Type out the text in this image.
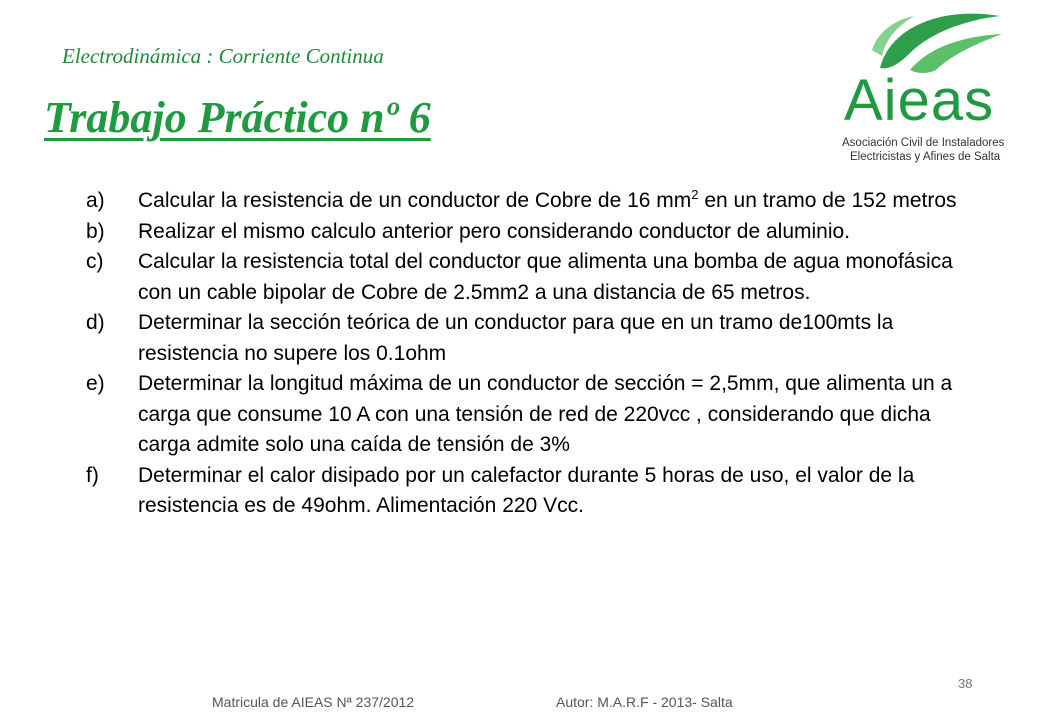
Electrodinámica : Corriente Continua
Trabajo Práctico nº 6	Aieas
Asociación Civil de Instaladores
Electricistas y Afines de Salta
a) Calcular la resistencia de un conductor de Cobre de 16 $mm^2$ en un tramo de 152 metros
b) Realizar el mismo calculo anterior pero considerando conductor de aluminio.
c) Calcular la resistencia total del conductor que alimenta una bomba de agua monofásica con un cable bipolar de Cobre de 2.5mm2 a una distancia de 65 metros.
d) Determinar la sección teórica de un conductor para que en un tramo de100mts la resistencia no supere los 0.1ohm
e) Determinar la longitud máxima de un conductor de sección = 2,5mm, que alimenta un a carga que consume 10 A con una tensión de red de 220vcc , considerando que dicha carga admite solo una caída de tensión de 3%
f) Determinar el calor disipado por un calefactor durante 5 horas de uso, el valor de la resistencia es de 49ohm. Alimentación 220 Vcc.
38
Matricula de AIEAS Nª 237/2012	Autor: M.A.R.F - 2013- Salta
